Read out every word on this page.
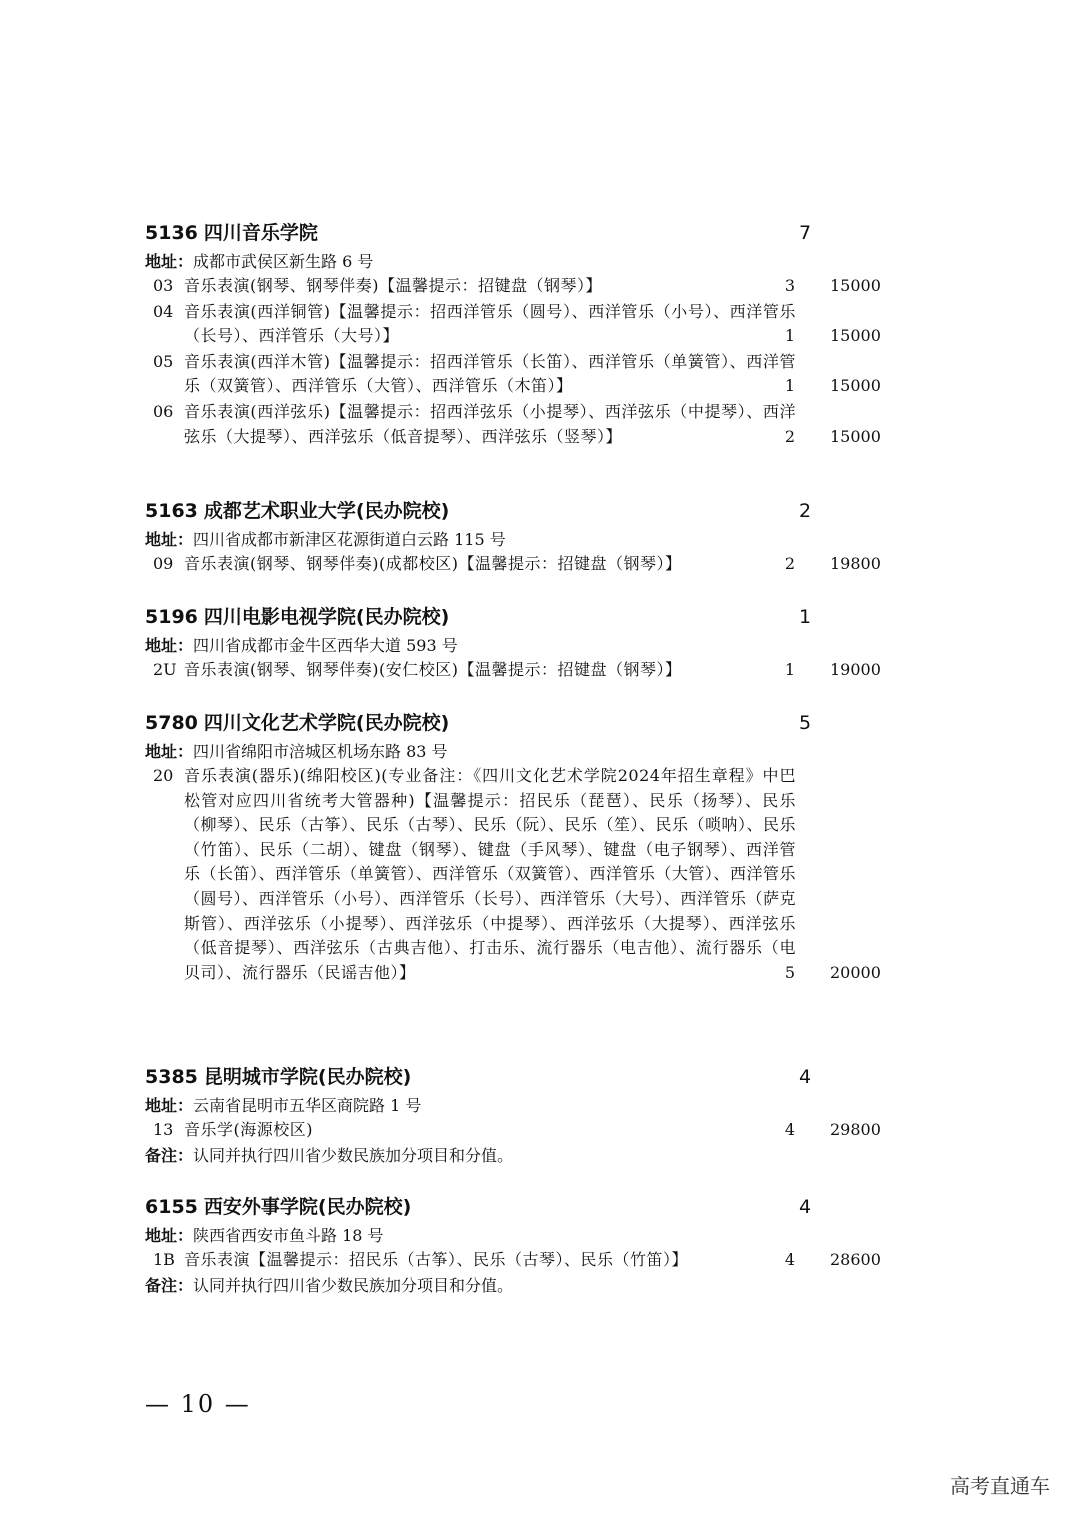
5136 四川音乐学院	7
地址：成都市武侯区新生路 6 号
03 音乐表演(钢琴、钢琴伴奏)【温馨提示：招键盘（钢琴）】	3	15000
04 音乐表演(西洋铜管)【温馨提示：招西洋管乐（圆号）、西洋管乐（小号）、西洋管乐（长号）、西洋管乐（大号）】	1	15000
05 音乐表演(西洋木管)【温馨提示：招西洋管乐（长笛）、西洋管乐（单簧管）、西洋管乐（双簧管）、西洋管乐（大管）、西洋管乐（木笛）】	1	15000
06 音乐表演(西洋弦乐)【温馨提示：招西洋弦乐（小提琴）、西洋弦乐（中提琴）、西洋弦乐（大提琴）、西洋弦乐（低音提琴）、西洋弦乐（竖琴）】	2	15000
5163 成都艺术职业大学(民办院校)	2
地址：四川省成都市新津区花源街道白云路 115 号
09 音乐表演(钢琴、钢琴伴奏)(成都校区)【温馨提示：招键盘（钢琴）】	2	19800
5196 四川电影电视学院(民办院校)	1
地址：四川省成都市金牛区西华大道 593 号
2U 音乐表演(钢琴、钢琴伴奏)(安仁校区)【温馨提示：招键盘（钢琴）】	1	19000
5780 四川文化艺术学院(民办院校)	5
地址：四川省绵阳市涪城区机场东路 83 号
20 音乐表演(器乐)(绵阳校区)(专业备注：《四川文化艺术学院2024年招生章程》中巴松管对应四川省统考大管器种)【温馨提示：招民乐（琵琶）、民乐（扬琴）、民乐（柳琴）、民乐（古筝）、民乐（古琴）、民乐（阮）、民乐（笙）、民乐（唢呐）、民乐（竹笛）、民乐（二胡）、键盘（钢琴）、键盘（手风琴）、键盘（电子钢琴）、西洋管乐（长笛）、西洋管乐（单簧管）、西洋管乐（双簧管）、西洋管乐（大管）、西洋管乐（圆号）、西洋管乐（小号）、西洋管乐（长号）、西洋管乐（大号）、西洋管乐（萨克斯管）、西洋弦乐（小提琴）、西洋弦乐（中提琴）、西洋弦乐（大提琴）、西洋弦乐（低音提琴）、西洋弦乐（古典吉他）、打击乐、流行器乐（电吉他）、流行器乐（电贝司）、流行器乐（民谣吉他）】	5	20000
5385 昆明城市学院(民办院校)	4
地址：云南省昆明市五华区商院路 1 号
13 音乐学(海源校区)	4	29800
备注：认同并执行四川省少数民族加分项目和分值。
6155 西安外事学院(民办院校)	4
地址：陕西省西安市鱼斗路 18 号
1B 音乐表演【温馨提示：招民乐（古筝）、民乐（古琴）、民乐（竹笛）】	4	28600
备注：认同并执行四川省少数民族加分项目和分值。
— 10 —
高考直通车
